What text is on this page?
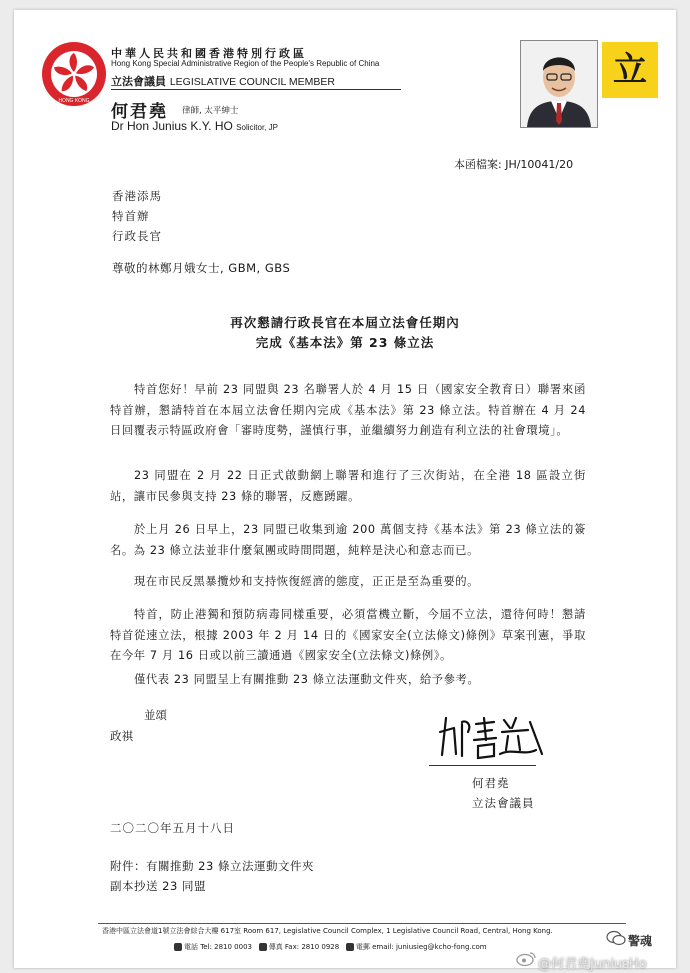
HONG KONG
中華人民共和國香港特別行政區
Hong Kong Special Administrative Region of the People's Republic of China
立法會議員 LEGISLATIVE COUNCIL MEMBER
何君堯 律師, 太平紳士
Dr Hon Junius K.Y. HO Solicitor, JP
立
本函檔案: JH/10041/20
香港添馬
特首辦
行政長官
尊敬的林鄭月娥女士, GBM, GBS
再次懇請行政長官在本屆立法會任期內
完成《基本法》第 23 條立法
特首您好！早前 23 同盟與 23 名聯署人於 4 月 15 日（國家安全教育日）聯署來函特首辦，懇請特首在本屆立法會任期內完成《基本法》第 23 條立法。特首辦在 4 月 24 日回覆表示特區政府會「審時度勢，謹慎行事，並繼續努力創造有利立法的社會環境」。
23 同盟在 2 月 22 日正式啟動網上聯署和進行了三次街站，在全港 18 區設立街站，讓市民參與支持 23 條的聯署，反應踴躍。
於上月 26 日早上，23 同盟已收集到逾 200 萬個支持《基本法》第 23 條立法的簽名。為 23 條立法並非什麼氣團或時間問題，純粹是決心和意志而已。
現在市民反黑暴攬炒和支持恢復經濟的態度，正正是至為重要的。
特首，防止港獨和預防病毒同樣重要，必須當機立斷，今屆不立法，還待何時！懇請特首從速立法，根據 2003 年 2 月 14 日的《國家安全(立法條文)條例》草案刊憲，爭取在今年 7 月 16 日或以前三讀通過《國家安全(立法條文)條例》。
僅代表 23 同盟呈上有關推動 23 條立法運動文件夾，給予參考。
並頌
政祺
何君堯
立法會議員
二〇二〇年五月十八日
附件：有關推動 23 條立法運動文件夾
副本抄送 23 同盟
香港中區立法會道1號立法會綜合大樓 617室 Room 617, Legislative Council Complex, 1 Legislative Council Road, Central, Hong Kong.
電話 Tel: 2810 0003 傳真 Fax: 2810 0928 電郵 email: juniusieg@kcho-fong.com	警魂
@何君堯JuniusHo
